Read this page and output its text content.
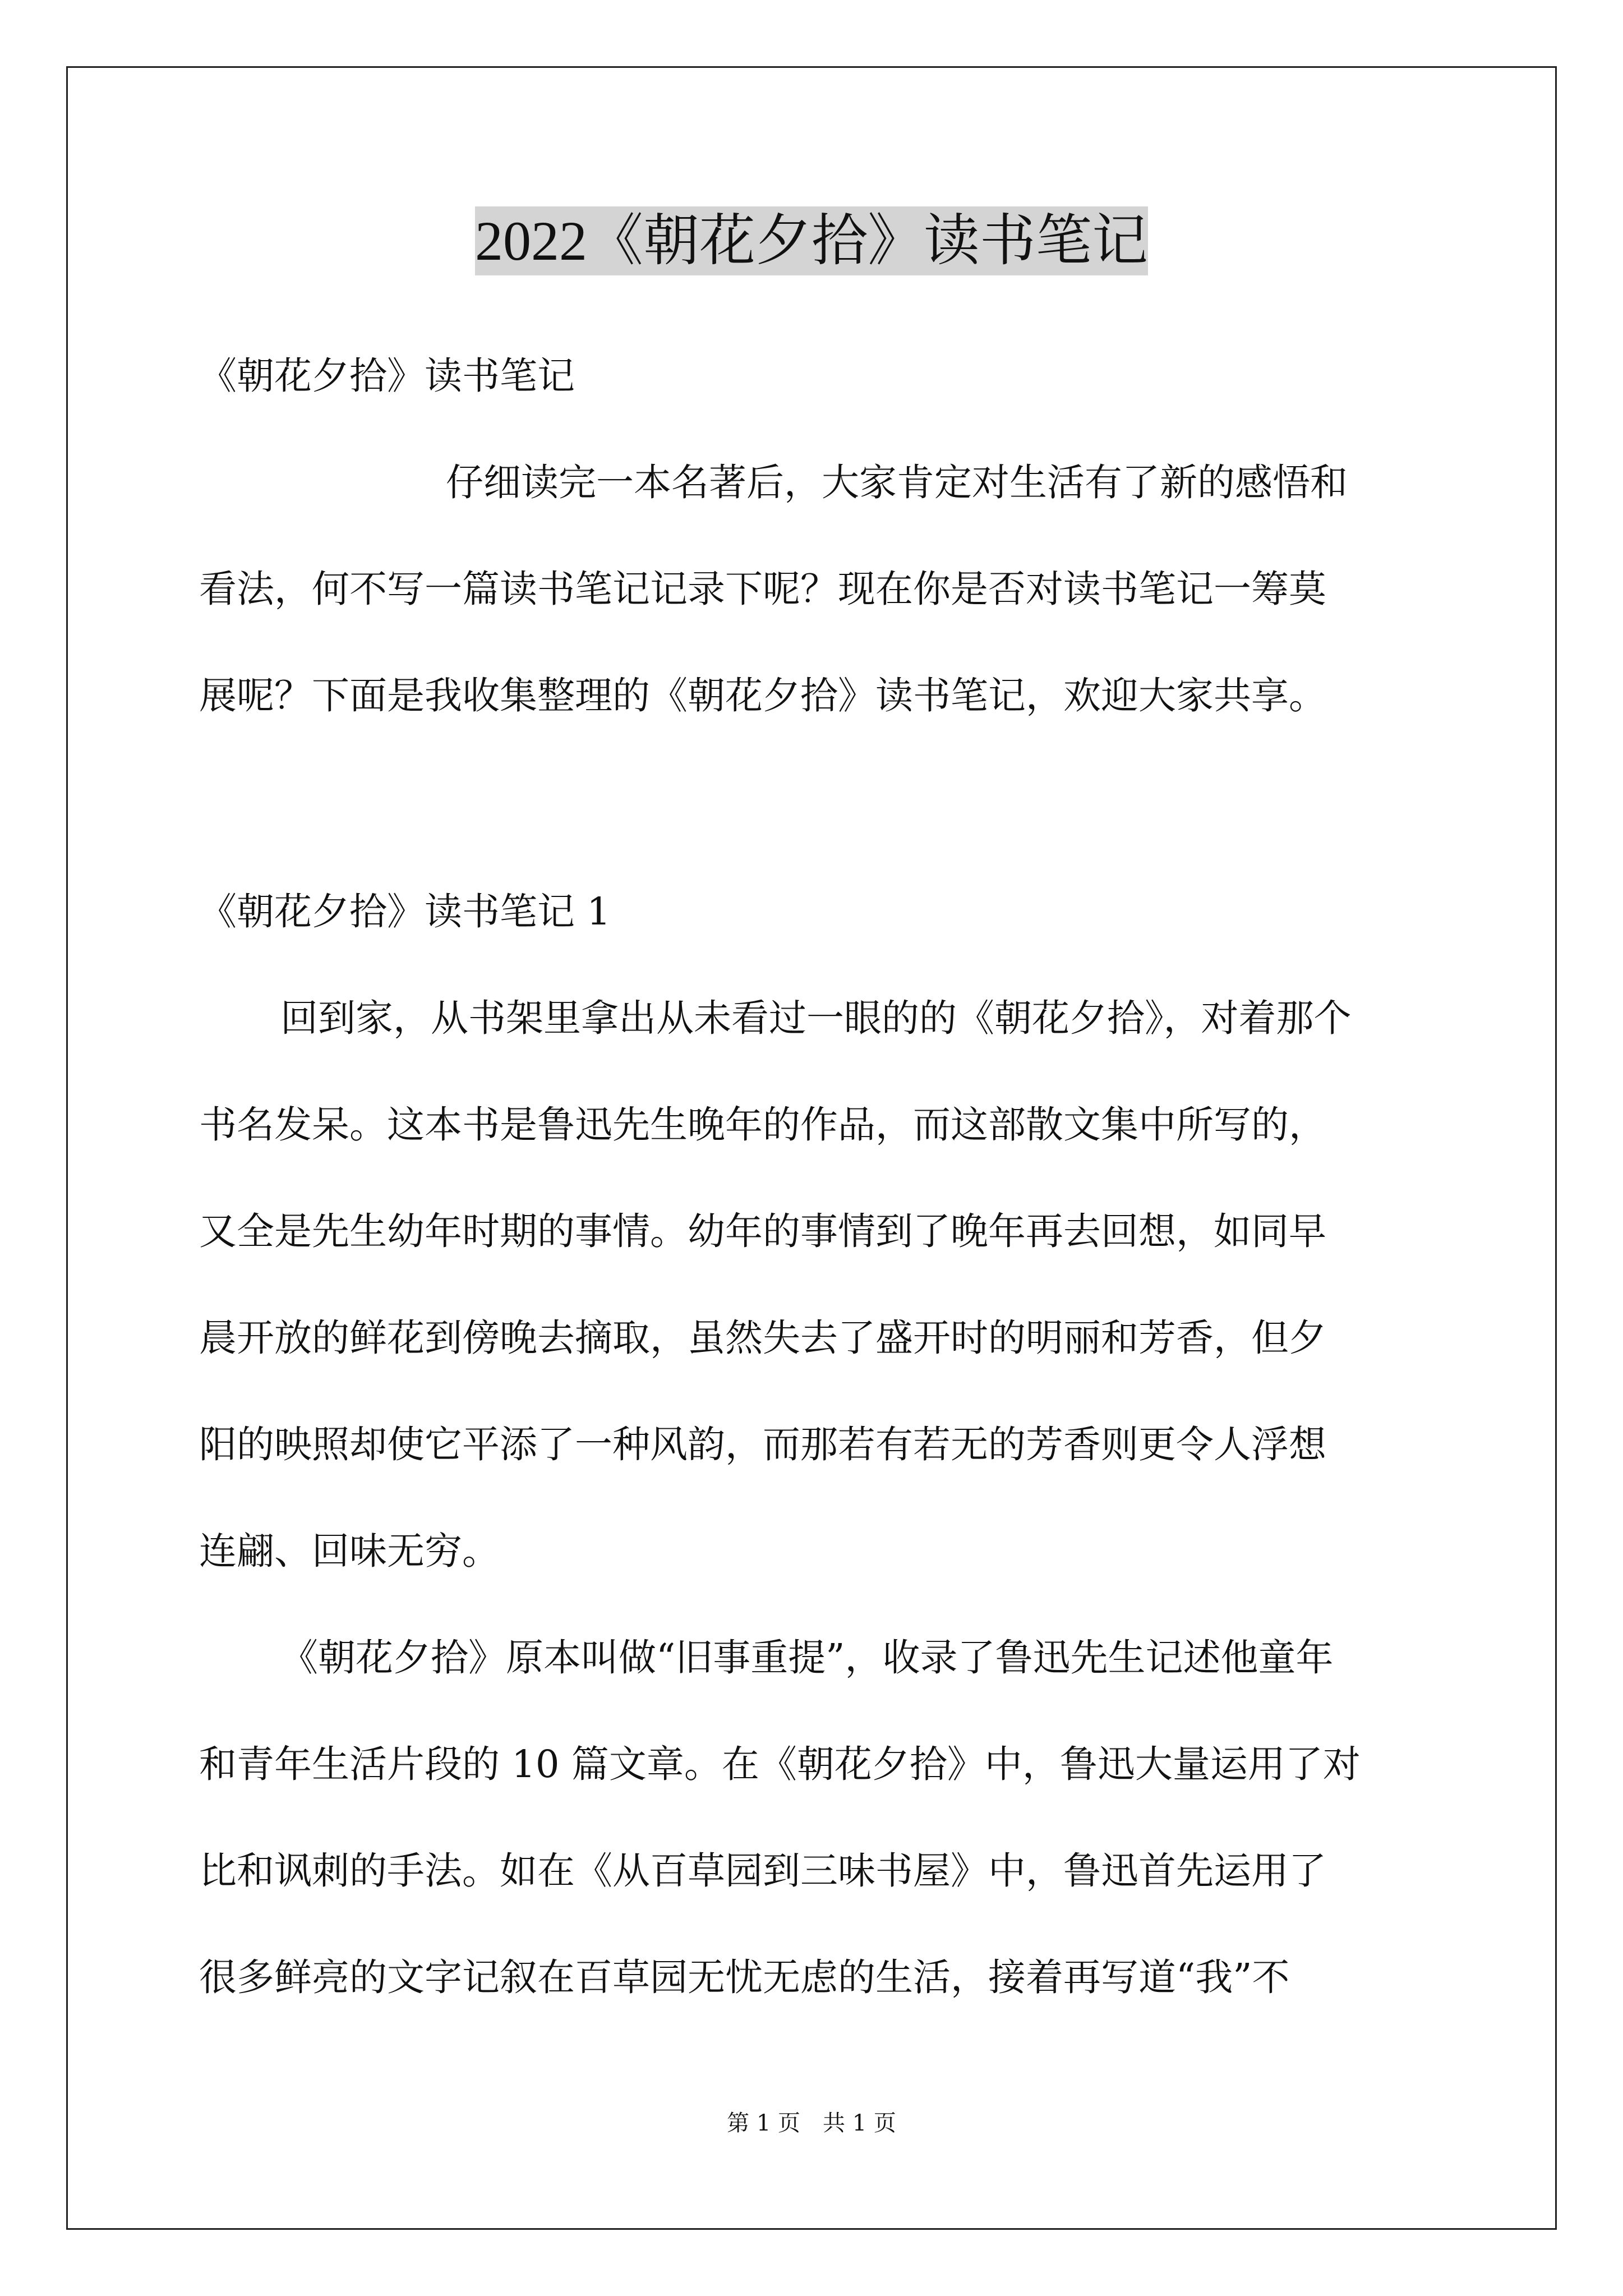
2022《朝花夕拾》读书笔记
《朝花夕拾》读书笔记
仔细读完一本名著后，大家肯定对生活有了新的感悟和
看法，何不写一篇读书笔记记录下呢？现在你是否对读书笔记一筹莫
展呢？下面是我收集整理的《朝花夕拾》读书笔记，欢迎大家共享。
《朝花夕拾》读书笔记 1
回到家，从书架里拿出从未看过一眼的的《朝花夕拾》，对着那个
书名发呆。这本书是鲁迅先生晚年的作品，而这部散文集中所写的，
又全是先生幼年时期的事情。幼年的事情到了晚年再去回想，如同早
晨开放的鲜花到傍晚去摘取，虽然失去了盛开时的明丽和芳香，但夕
阳的映照却使它平添了一种风韵，而那若有若无的芳香则更令人浮想
连翩、回味无穷。
《朝花夕拾》原本叫做“旧事重提”，收录了鲁迅先生记述他童年
和青年生活片段的 10 篇文章。在《朝花夕拾》中，鲁迅大量运用了对
比和讽刺的手法。如在《从百草园到三味书屋》中，鲁迅首先运用了
很多鲜亮的文字记叙在百草园无忧无虑的生活，接着再写道“我”不
第 1 页　共 1 页
